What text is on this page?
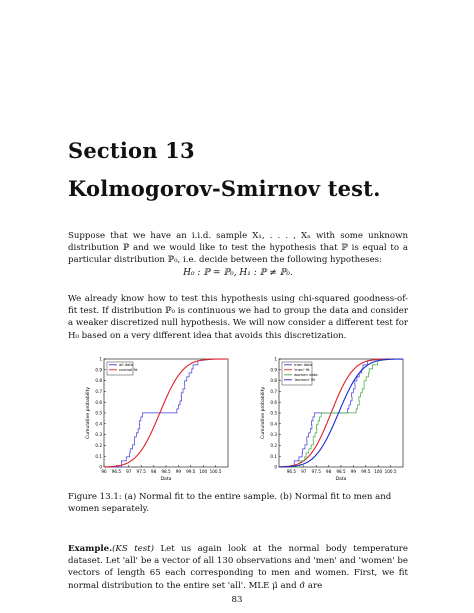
Section 13
Kolmogorov-Smirnov test.
Suppose that we have an i.i.d. sample X₁, . . . , Xₙ with some unknown distribution ℙ and we would like to test the hypothesis that ℙ is equal to a particular distribution ℙ₀, i.e. decide between the following hypotheses:
H₀ : ℙ = ℙ₀, H₁ : ℙ ≠ ℙ₀.
We already know how to test this hypothesis using chi-squared goodness-of-fit test. If distribution ℙ₀ is continuous we had to group the data and consider a weaker discretized null hypothesis. We will now consider a different test for H₀ based on a very different idea that avoids this discretization.
0
0.1
0.2
0.3
0.4
0.5
0.6
0.7
0.8
0.9
1
96 96.5 97 97.5 98 98.5 99 99.5 100 100.5
Data
Cumulative probability
all data
normal fit
0
0.1
0.2
0.3
0.4
0.5
0.6
0.7
0.8
0.9
1
96.5 97 97.5 98 98.5 99 99.5 100 100.5
Data
Cumulative probability
men data
'men' fit
women data
'women' fit
Figure 13.1: (a) Normal fit to the entire sample. (b) Normal fit to men and women separately.
Example.(KS test) Let us again look at the normal body temperature dataset. Let 'all' be a vector of all 130 observations and 'men' and 'women' be vectors of length 65 each corresponding to men and women. First, we fit normal distribution to the entire set 'all'. MLE μ̂ and σ̂ are
83
